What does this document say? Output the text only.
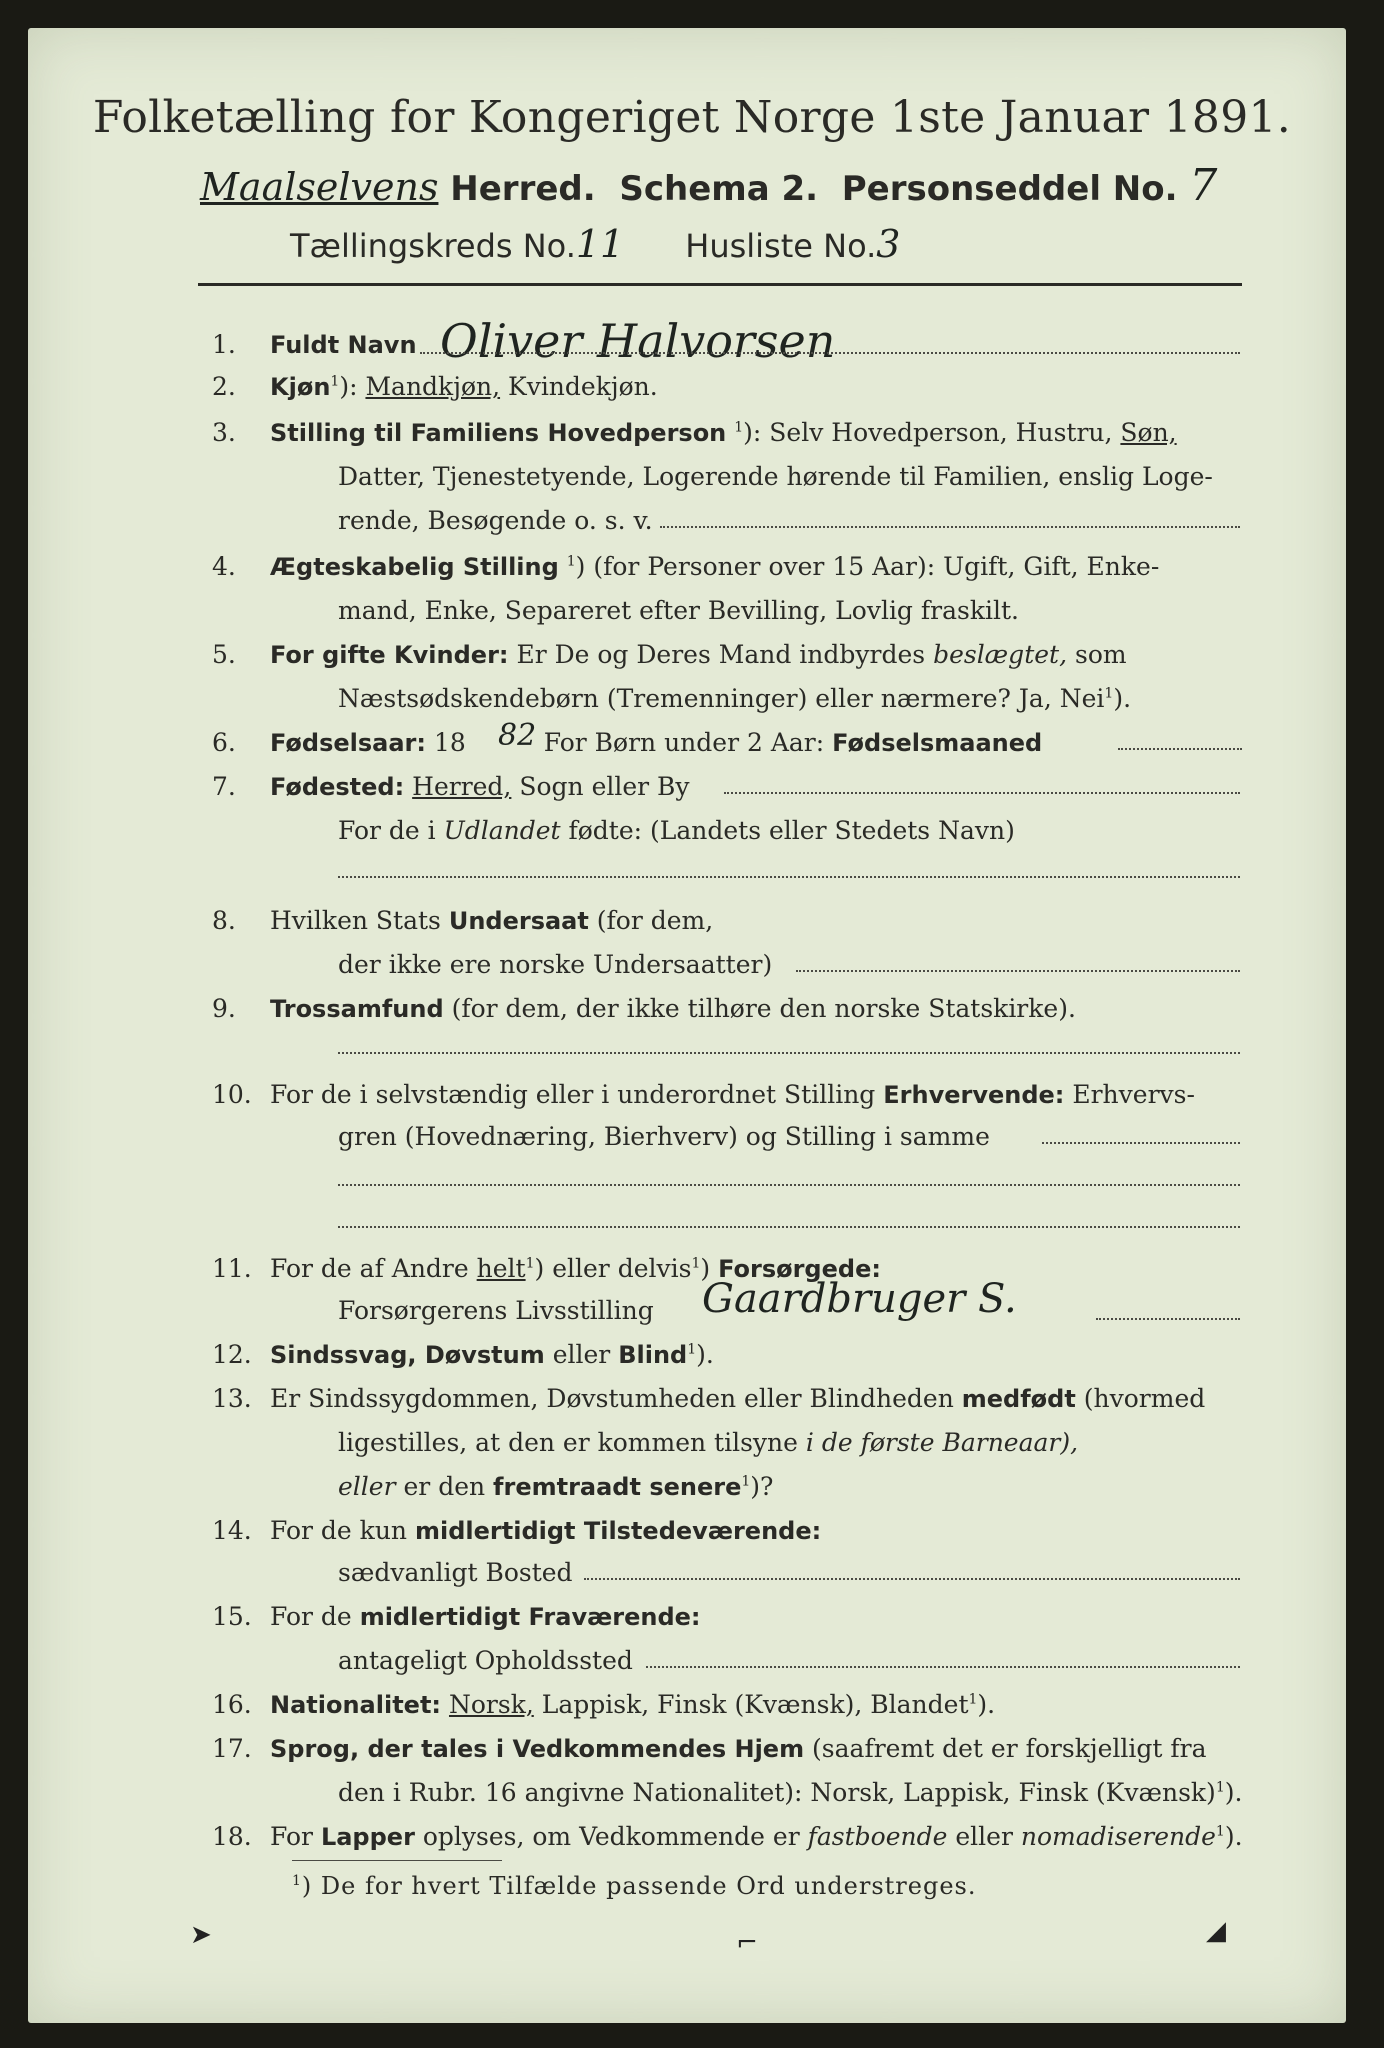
Folketælling for Kongeriget Norge 1ste Januar 1891.
Maalselvens Herred. Schema 2. Personseddel No. 7
Tællingskreds No.11 Husliste No.3
1. Fuldt Navn Oliver Halvorsen
2. Kjøn$^1$): Mandkjøn, Kvindekjøn.
3. Stilling til Familiens Hovedperson $^1$): Selv Hovedperson, Hustru, Søn,
Datter, Tjenestetyende, Logerende hørende til Familien, enslig Loge-
rende, Besøgende o. s. v.
4. Ægteskabelig Stilling $^1$) (for Personer over 15 Aar): Ugift, Gift, Enke-
mand, Enke, Separeret efter Bevilling, Lovlig fraskilt.
5. For gifte Kvinder: Er De og Deres Mand indbyrdes beslægtet, som
Næstsødskendebørn (Tremenninger) eller nærmere? Ja, Nei$^1$).
6. Fødselsaar: 18	For Børn under 2 Aar: Fødselsmaaned
82
7. Fødested: Herred, Sogn eller By
For de i Udlandet fødte: (Landets eller Stedets Navn)
8. Hvilken Stats Undersaat (for dem,
der ikke ere norske Undersaatter)
9. Trossamfund (for dem, der ikke tilhøre den norske Statskirke).
10. For de i selvstændig eller i underordnet Stilling Erhvervende: Erhvervs-
gren (Hovednæring, Bierhverv) og Stilling i samme
11. For de af Andre helt$^1$) eller delvis$^1$) Forsørgede:
Forsørgerens Livsstilling Gaardbruger S.
12. Sindssvag, Døvstum eller Blind$^1$).
13. Er Sindssygdommen, Døvstumheden eller Blindheden medfødt (hvormed
ligestilles, at den er kommen tilsyne i de første Barneaar),
eller er den fremtraadt senere$^1$)?
14. For de kun midlertidigt Tilstedeværende:
sædvanligt Bosted
15. For de midlertidigt Fraværende:
antageligt Opholdssted
16. Nationalitet: Norsk, Lappisk, Finsk (Kvænsk), Blandet$^1$).
17. Sprog, der tales i Vedkommendes Hjem (saafremt det er forskjelligt fra
den i Rubr. 16 angivne Nationalitet): Norsk, Lappisk, Finsk (Kvænsk)$^1$).
18. For Lapper oplyses, om Vedkommende er fastboende eller nomadiserende$^1$).
$^1$) De for hvert Tilfælde passende Ord understreges.
➤	⌐	◢
